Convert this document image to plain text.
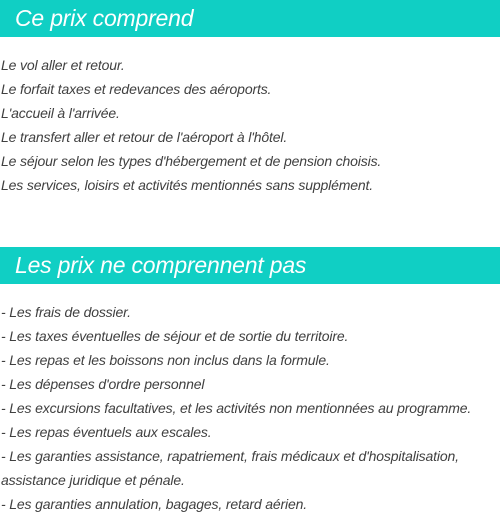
Ce prix comprend
Le vol aller et retour.
Le forfait taxes et redevances des aéroports.
L'accueil à l'arrivée.
Le transfert aller et retour de l'aéroport à l'hôtel.
Le séjour selon les types d'hébergement et de pension choisis.
Les services, loisirs et activités mentionnés sans supplément.
Les prix ne comprennent pas
- Les frais de dossier.
- Les taxes éventuelles de séjour et de sortie du territoire.
- Les repas et les boissons non inclus dans la formule.
- Les dépenses d'ordre personnel
- Les excursions facultatives, et les activités non mentionnées au programme.
- Les repas éventuels aux escales.
- Les garanties assistance, rapatriement, frais médicaux et d'hospitalisation, assistance juridique et pénale.
- Les garanties annulation, bagages, retard aérien.
